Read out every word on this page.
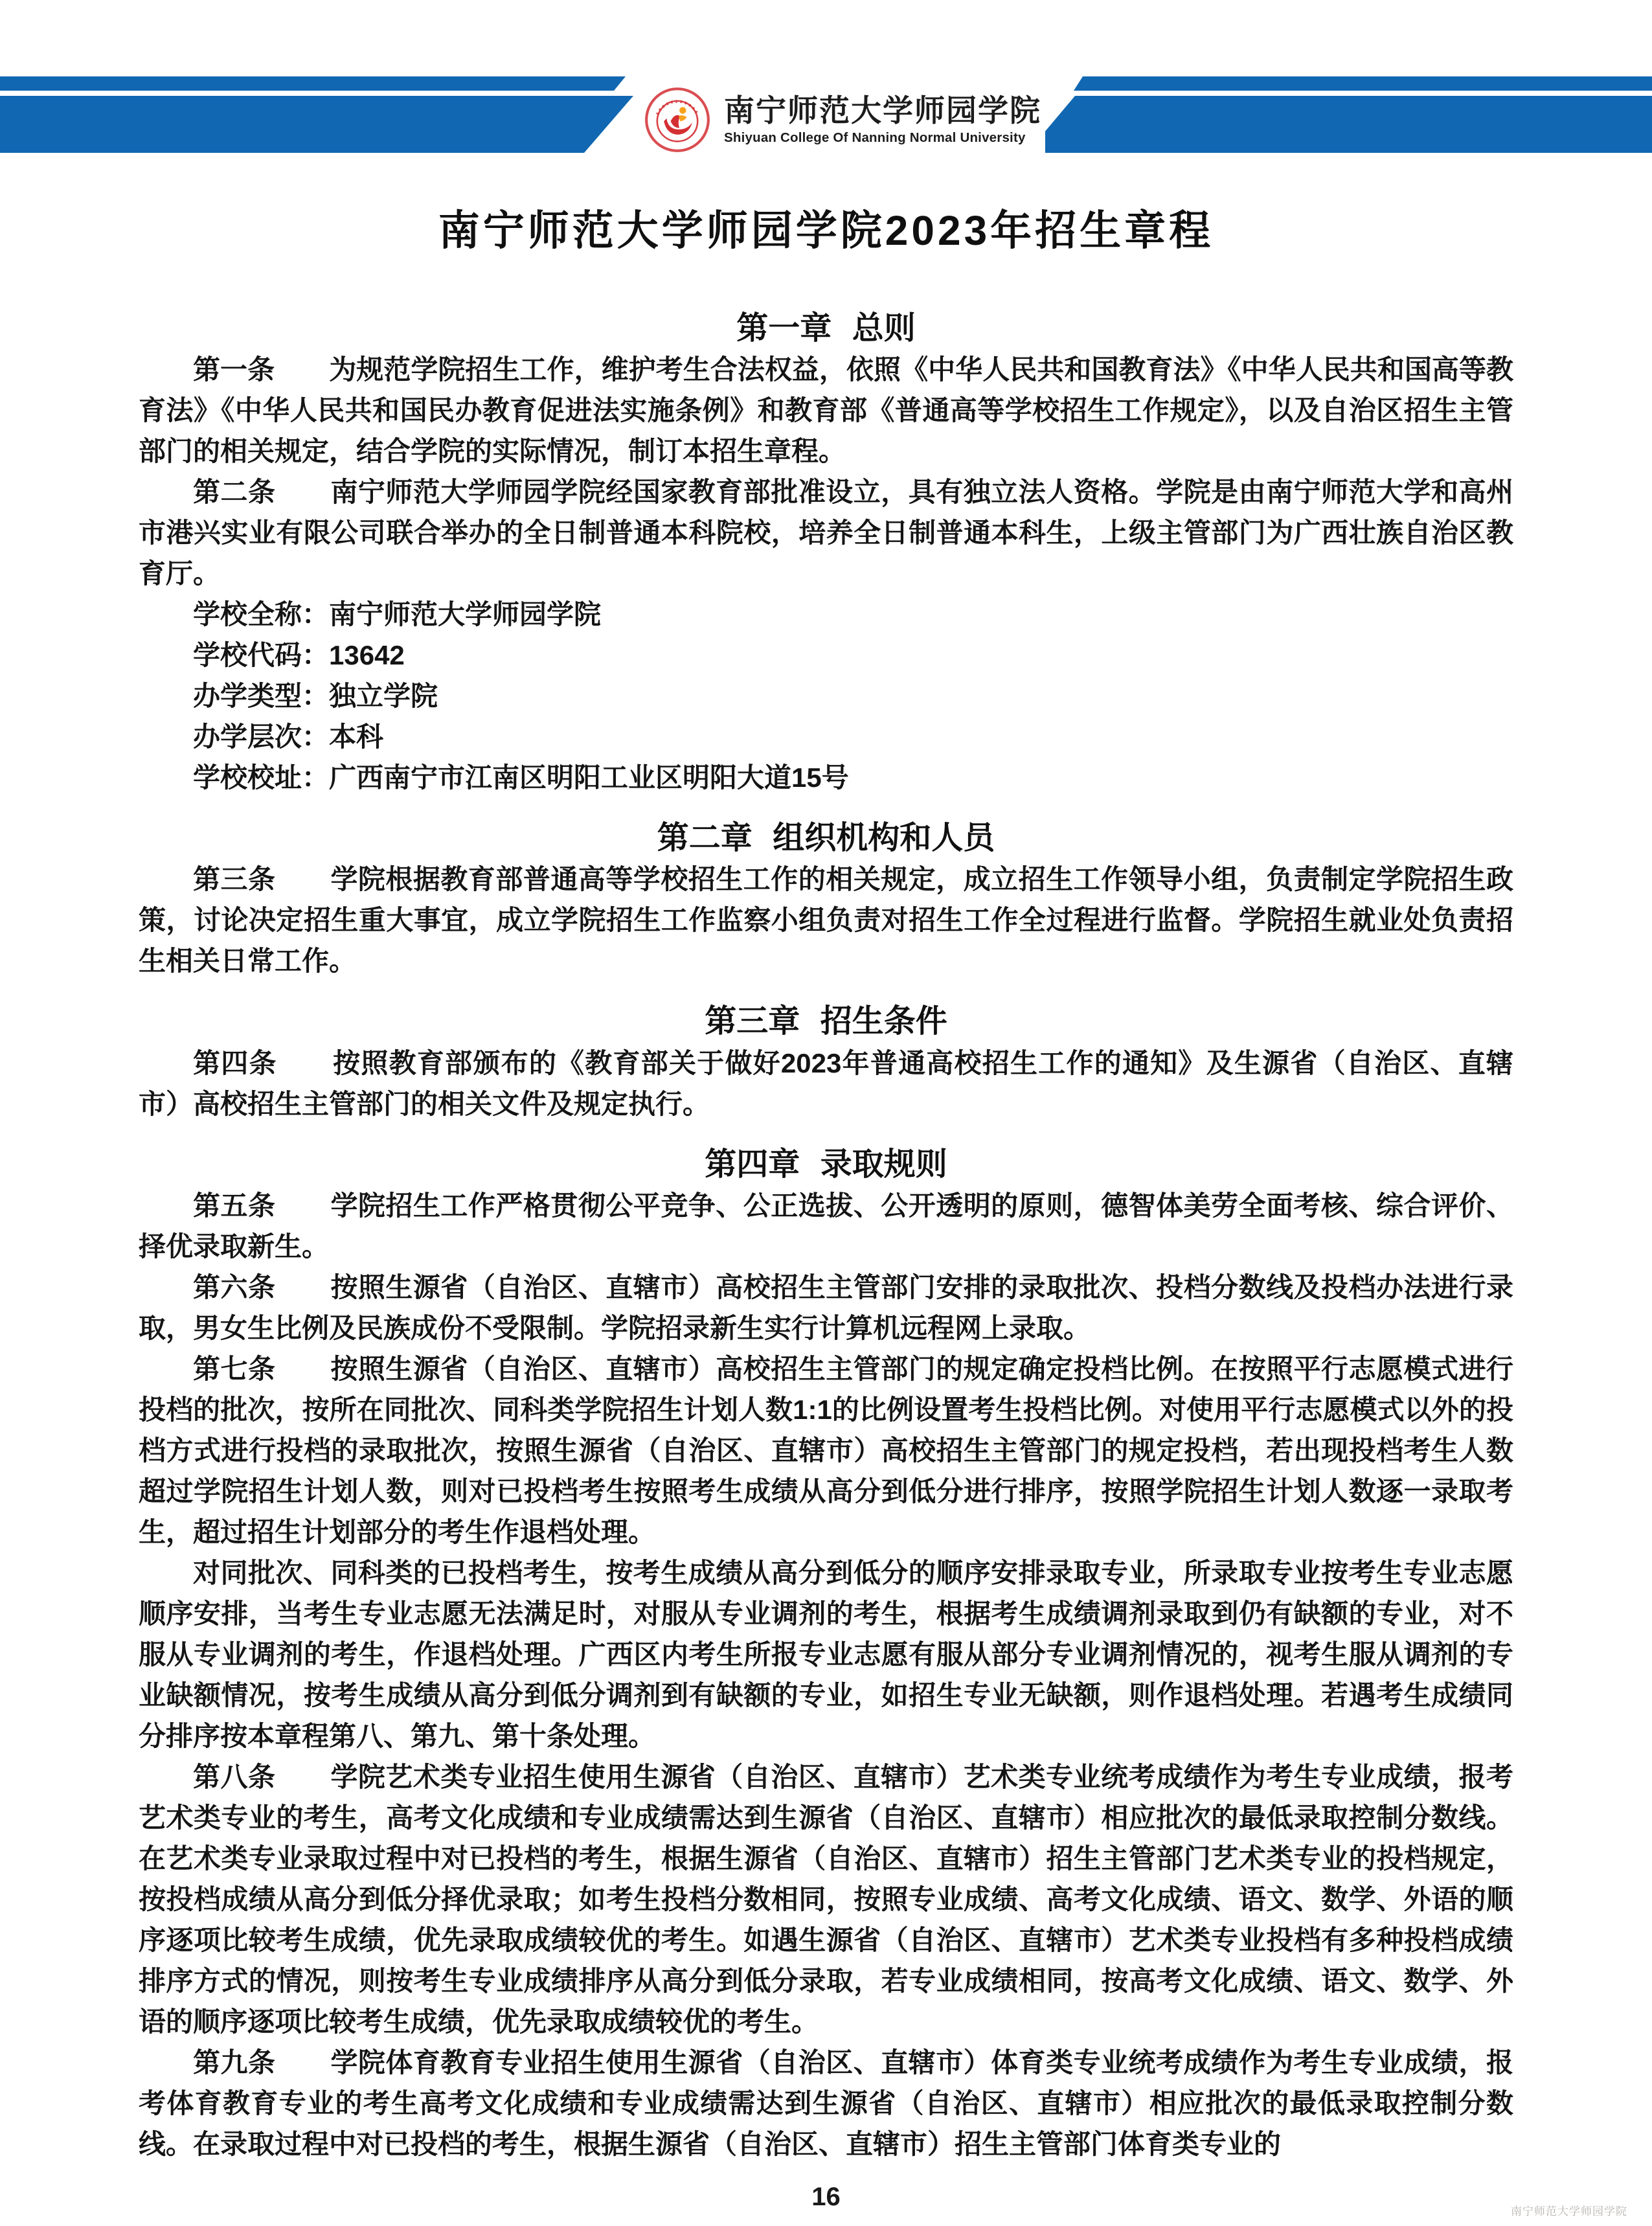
南宁师范大学师园学院
Shiyuan College Of Nanning Normal University
南宁师范大学师园学院2023年招生章程
第一章 总则

第一条　　为规范学院招生工作，维护考生合法权益，依照《中华人民共和国教育法》《中华人民共和国高等教育法》《中华人民共和国民办教育促进法实施条例》和教育部《普通高等学校招生工作规定》，以及自治区招生主管部门的相关规定，结合学院的实际情况，制订本招生章程。

第二条　　南宁师范大学师园学院经国家教育部批准设立，具有独立法人资格。学院是由南宁师范大学和高州市港兴实业有限公司联合举办的全日制普通本科院校，培养全日制普通本科生，上级主管部门为广西壮族自治区教育厅。

学校全称：南宁师范大学师园学院

学校代码：13642

办学类型：独立学院

办学层次：本科

学校校址：广西南宁市江南区明阳工业区明阳大道15号

第二章 组织机构和人员

第三条　　学院根据教育部普通高等学校招生工作的相关规定，成立招生工作领导小组，负责制定学院招生政策，讨论决定招生重大事宜，成立学院招生工作监察小组负责对招生工作全过程进行监督。学院招生就业处负责招生相关日常工作。

第三章 招生条件

第四条　　按照教育部颁布的《教育部关于做好2023年普通高校招生工作的通知》及生源省（自治区、直辖市）高校招生主管部门的相关文件及规定执行。

第四章 录取规则

第五条　　学院招生工作严格贯彻公平竞争、公正选拔、公开透明的原则，德智体美劳全面考核、综合评价、择优录取新生。

第六条　　按照生源省（自治区、直辖市）高校招生主管部门安排的录取批次、投档分数线及投档办法进行录取，男女生比例及民族成份不受限制。学院招录新生实行计算机远程网上录取。

第七条　　按照生源省（自治区、直辖市）高校招生主管部门的规定确定投档比例。在按照平行志愿模式进行投档的批次，按所在同批次、同科类学院招生计划人数1:1的比例设置考生投档比例。对使用平行志愿模式以外的投档方式进行投档的录取批次，按照生源省（自治区、直辖市）高校招生主管部门的规定投档，若出现投档考生人数超过学院招生计划人数，则对已投档考生按照考生成绩从高分到低分进行排序，按照学院招生计划人数逐一录取考生，超过招生计划部分的考生作退档处理。

对同批次、同科类的已投档考生，按考生成绩从高分到低分的顺序安排录取专业，所录取专业按考生专业志愿顺序安排，当考生专业志愿无法满足时，对服从专业调剂的考生，根据考生成绩调剂录取到仍有缺额的专业，对不服从专业调剂的考生，作退档处理。广西区内考生所报专业志愿有服从部分专业调剂情况的，视考生服从调剂的专业缺额情况，按考生成绩从高分到低分调剂到有缺额的专业，如招生专业无缺额，则作退档处理。若遇考生成绩同分排序按本章程第八、第九、第十条处理。

第八条　　学院艺术类专业招生使用生源省（自治区、直辖市）艺术类专业统考成绩作为考生专业成绩，报考艺术类专业的考生，高考文化成绩和专业成绩需达到生源省（自治区、直辖市）相应批次的最低录取控制分数线。在艺术类专业录取过程中对已投档的考生，根据生源省（自治区、直辖市）招生主管部门艺术类专业的投档规定，按投档成绩从高分到低分择优录取；如考生投档分数相同，按照专业成绩、高考文化成绩、语文、数学、外语的顺序逐项比较考生成绩，优先录取成绩较优的考生。如遇生源省（自治区、直辖市）艺术类专业投档有多种投档成绩排序方式的情况，则按考生专业成绩排序从高分到低分录取，若专业成绩相同，按高考文化成绩、语文、数学、外语的顺序逐项比较考生成绩，优先录取成绩较优的考生。

第九条　　学院体育教育专业招生使用生源省（自治区、直辖市）体育类专业统考成绩作为考生专业成绩，报考体育教育专业的考生高考文化成绩和专业成绩需达到生源省（自治区、直辖市）相应批次的最低录取控制分数线。在录取过程中对已投档的考生，根据生源省（自治区、直辖市）招生主管部门体育类专业的

16
南宁师范大学师园学院
